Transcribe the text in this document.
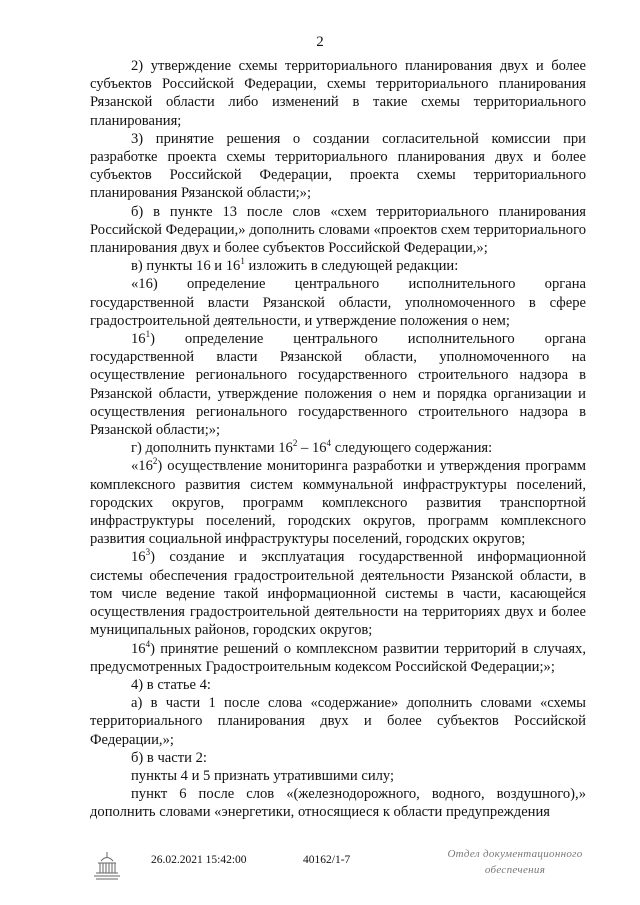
2

2) утверждение схемы территориального планирования двух и более субъектов Российской Федерации, схемы территориального планирования Рязанской области либо изменений в такие схемы территориального планирования;

3) принятие решения о создании согласительной комиссии при разработке проекта схемы территориального планирования двух и более субъектов Российской Федерации, проекта схемы территориального планирования Рязанской области;»;

б) в пункте 13 после слов «схем территориального планирования Российской Федерации,» дополнить словами «проектов схем территориального планирования двух и более субъектов Российской Федерации,»;

в) пункты 16 и $16^1$ изложить в следующей редакции:

«16) определение центрального исполнительного органа государственной власти Рязанской области, уполномоченного в сфере градостроительной деятельности, и утверждение положения о нем;

$16^1$) определение центрального исполнительного органа государственной власти Рязанской области, уполномоченного на осуществление регионального государственного строительного надзора в Рязанской области, утверждение положения о нем и порядка организации и осуществления регионального государственного строительного надзора в Рязанской области;»;

г) дополнить пунктами $16^2 - 16^4$ следующего содержания:

«$16^2$) осуществление мониторинга разработки и утверждения программ комплексного развития систем коммунальной инфраструктуры поселений, городских округов, программ комплексного развития транспортной инфраструктуры поселений, городских округов, программ комплексного развития социальной инфраструктуры поселений, городских округов;

$16^3$) создание и эксплуатация государственной информационной системы обеспечения градостроительной деятельности Рязанской области, в том числе ведение такой информационной системы в части, касающейся осуществления градостроительной деятельности на территориях двух и более муниципальных районов, городских округов;

$16^4$) принятие решений о комплексном развитии территорий в случаях, предусмотренных Градостроительным кодексом Российской Федерации;»;

4) в статье 4:

а) в части 1 после слова «содержание» дополнить словами «схемы территориального планирования двух и более субъектов Российской Федерации,»;

б) в части 2:

пункты 4 и 5 признать утратившими силу;

пункт 6 после слов «(железнодорожного, водного, воздушного),» дополнить словами «энергетики, относящиеся к области предупреждения

26.02.2021 15:42:00	40162/1-7	Отдел документационного
обеспечения
